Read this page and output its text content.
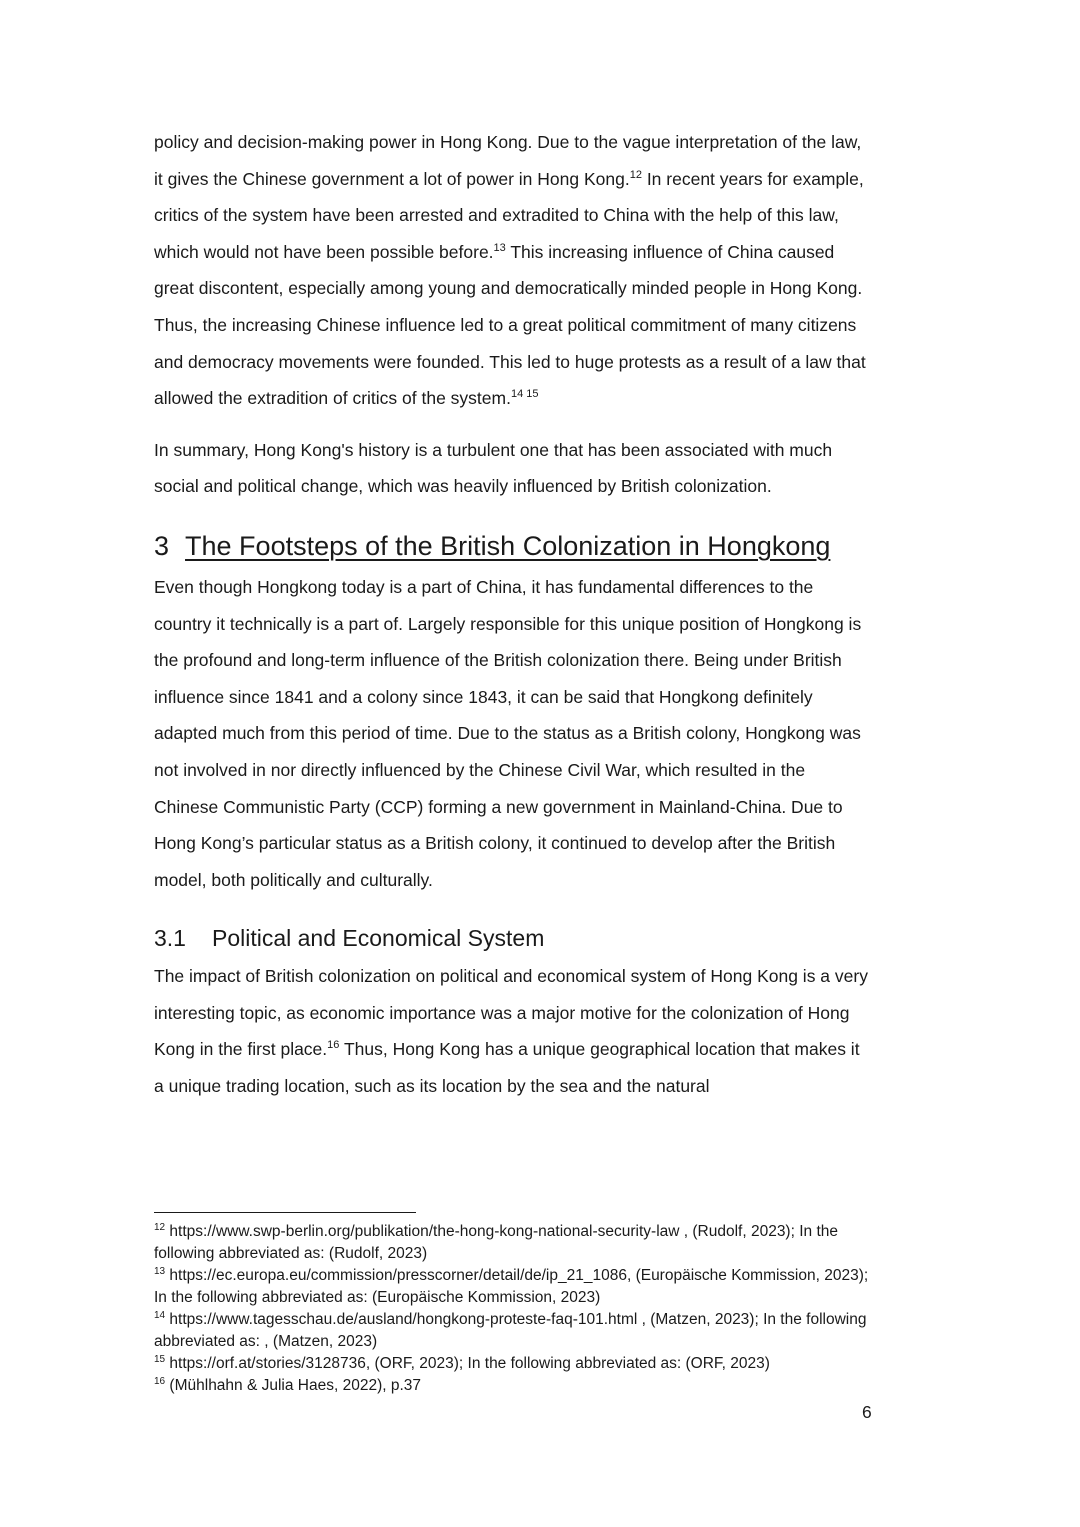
policy and decision-making power in Hong Kong. Due to the vague interpretation of the law, it gives the Chinese government a lot of power in Hong Kong.$^{12}$ In recent years for example, critics of the system have been arrested and extradited to China with the help of this law, which would not have been possible before.$^{13}$ This increasing influence of China caused great discontent, especially among young and democratically minded people in Hong Kong. Thus, the increasing Chinese influence led to a great political commitment of many citizens and democracy movements were founded. This led to huge protests as a result of a law that allowed the extradition of critics of the system.$^{14 15}$

In summary, Hong Kong's history is a turbulent one that has been associated with much social and political change, which was heavily influenced by British colonization.

3 The Footsteps of the British Colonization in Hongkong

Even though Hongkong today is a part of China, it has fundamental differences to the country it technically is a part of. Largely responsible for this unique position of Hongkong is the profound and long-term influence of the British colonization there. Being under British influence since 1841 and a colony since 1843, it can be said that Hongkong definitely adapted much from this period of time. Due to the status as a British colony, Hongkong was not involved in nor directly influenced by the Chinese Civil War, which resulted in the Chinese Communistic Party (CCP) forming a new government in Mainland-China. Due to Hong Kong’s particular status as a British colony, it continued to develop after the British model, both politically and culturally.

3.1 Political and Economical System

The impact of British colonization on political and economical system of Hong Kong is a very interesting topic, as economic importance was a major motive for the colonization of Hong Kong in the first place.$^{16}$ Thus, Hong Kong has a unique geographical location that makes it a unique trading location, such as its location by the sea and the natural

$^{12}$ https://www.swp-berlin.org/publikation/the-hong-kong-national-security-law , (Rudolf, 2023); In the following abbreviated as: (Rudolf, 2023)

$^{13}$ https://ec.europa.eu/commission/presscorner/detail/de/ip_21_1086, (Europäische Kommission, 2023); In the following abbreviated as: (Europäische Kommission, 2023)

$^{14}$ https://www.tagesschau.de/ausland/hongkong-proteste-faq-101.html , (Matzen, 2023); In the following abbreviated as: , (Matzen, 2023)

$^{15}$ https://orf.at/stories/3128736, (ORF, 2023); In the following abbreviated as: (ORF, 2023)

$^{16}$ (Mühlhahn & Julia Haes, 2022), p.37

6
